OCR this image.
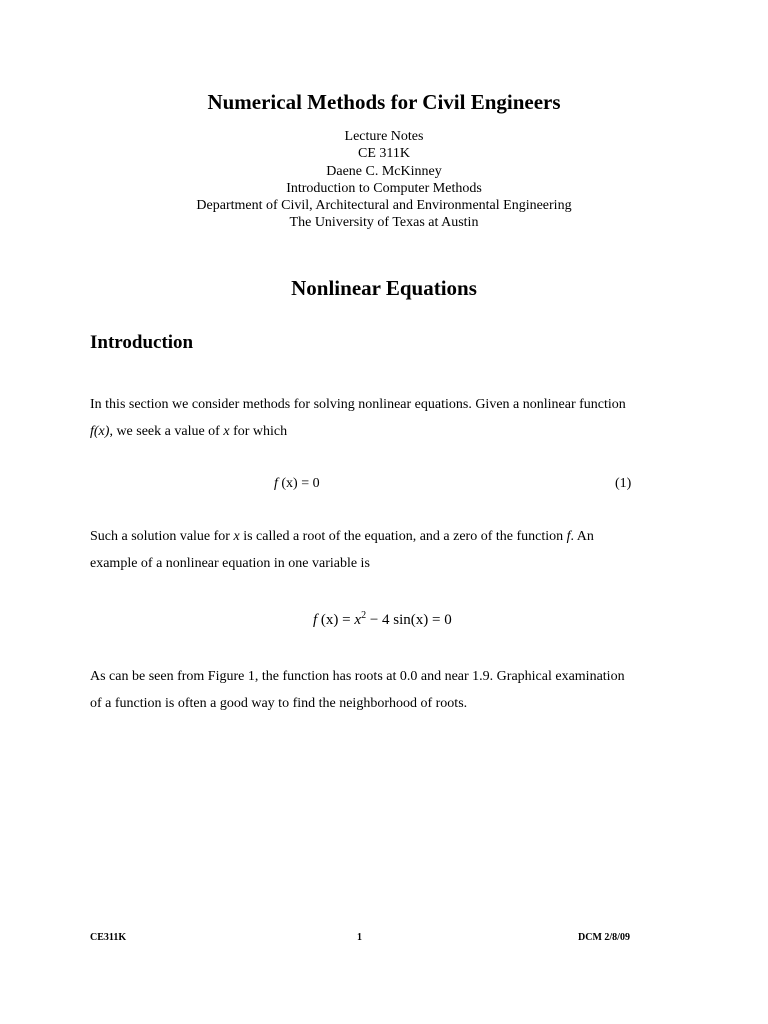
Numerical Methods for Civil Engineers
Lecture Notes
CE 311K
Daene C. McKinney
Introduction to Computer Methods
Department of Civil, Architectural and Environmental Engineering
The University of Texas at Austin
Nonlinear Equations
Introduction
In this section we consider methods for solving nonlinear equations. Given a nonlinear function
f(x), we seek a value of x for which
f (x) = 0	(1)
Such a solution value for x is called a root of the equation, and a zero of the function f. An
example of a nonlinear equation in one variable is
f $(x) = x^2 - 4$ sin(x) = 0
As can be seen from Figure 1, the function has roots at 0.0 and near 1.9. Graphical examination
of a function is often a good way to find the neighborhood of roots.
CE311K	1	DCM 2/8/09
